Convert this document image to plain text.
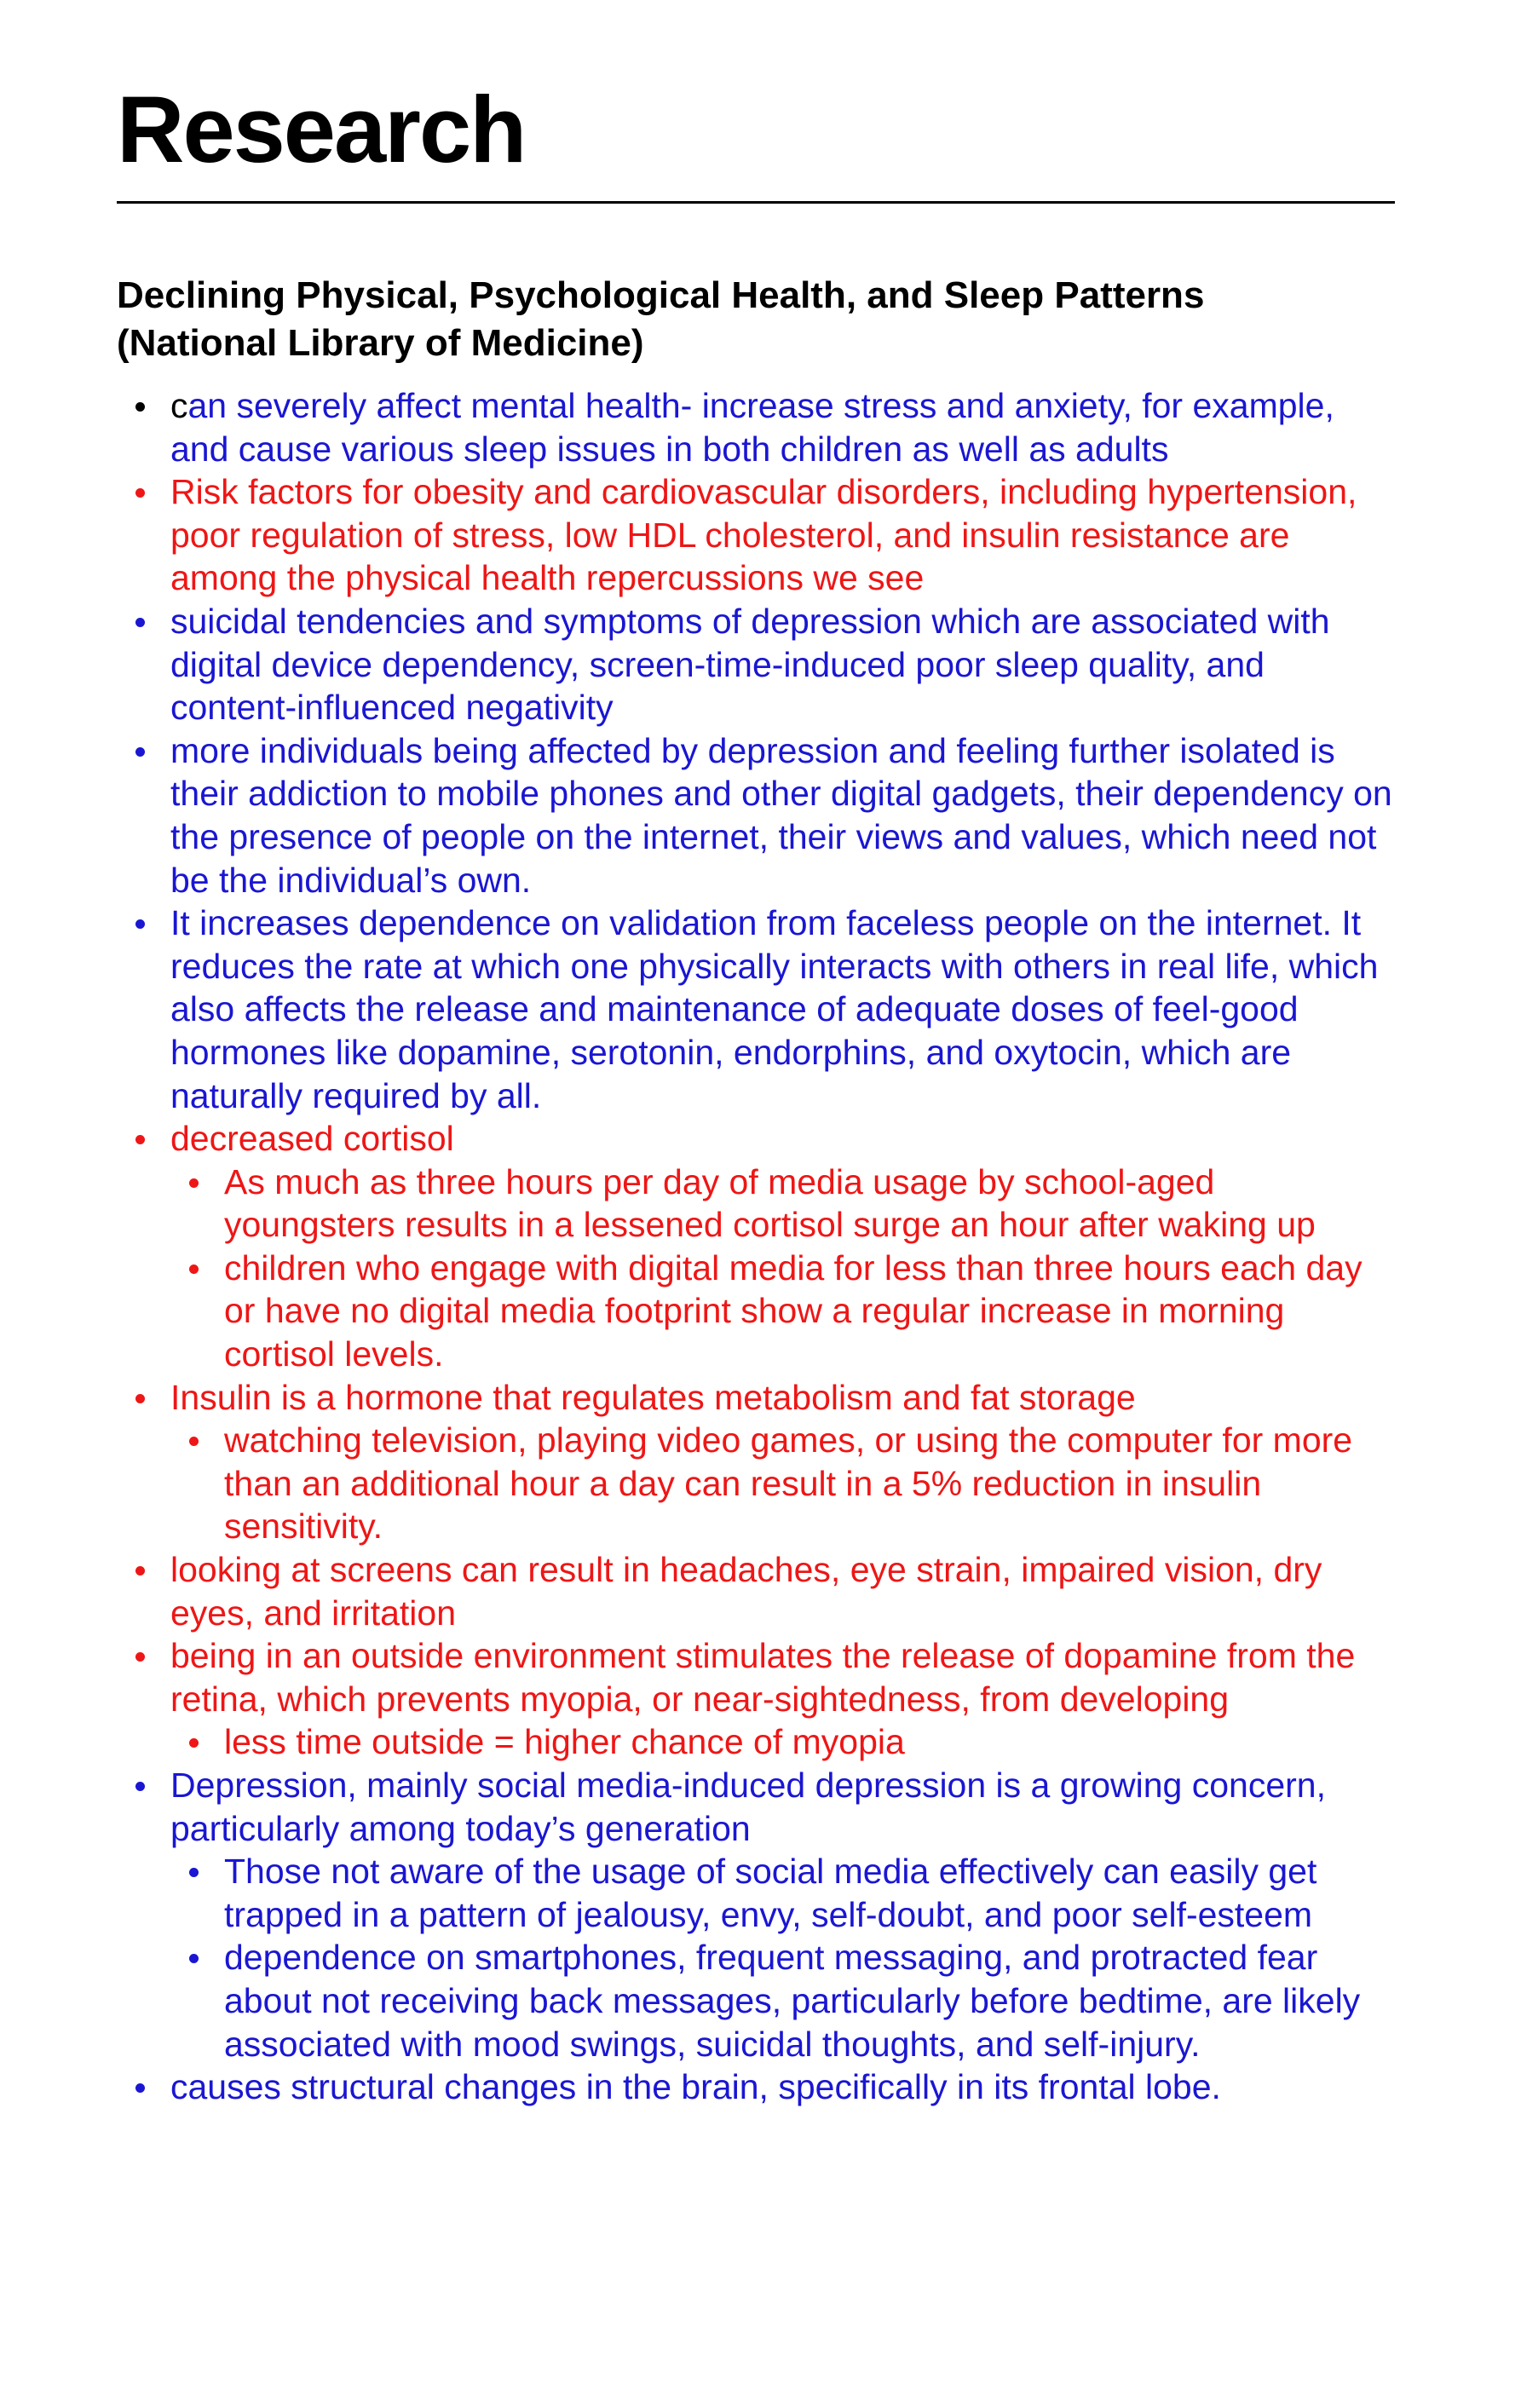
Research
Declining Physical, Psychological Health, and Sleep Patterns (National Library of Medicine)
can severely affect mental health- increase stress and anxiety, for example, and cause various sleep issues in both children as well as adults
Risk factors for obesity and cardiovascular disorders, including hypertension, poor regulation of stress, low HDL cholesterol, and insulin resistance are among the physical health repercussions we see
suicidal tendencies and symptoms of depression which are associated with digital device dependency, screen-time-induced poor sleep quality, and content-influenced negativity
more individuals being affected by depression and feeling further isolated is their addiction to mobile phones and other digital gadgets, their dependency on the presence of people on the internet, their views and values, which need not be the individual’s own.
It increases dependence on validation from faceless people on the internet. It reduces the rate at which one physically interacts with others in real life, which also affects the release and maintenance of adequate doses of feel-good hormones like dopamine, serotonin, endorphins, and oxytocin, which are naturally required by all.
decreased cortisol
As much as three hours per day of media usage by school-aged youngsters results in a lessened cortisol surge an hour after waking up
children who engage with digital media for less than three hours each day or have no digital media footprint show a regular increase in morning cortisol levels.
Insulin is a hormone that regulates metabolism and fat storage
watching television, playing video games, or using the computer for more than an additional hour a day can result in a 5% reduction in insulin sensitivity.
looking at screens can result in headaches, eye strain, impaired vision, dry eyes, and irritation
being in an outside environment stimulates the release of dopamine from the retina, which prevents myopia, or near-sightedness, from developing
less time outside = higher chance of myopia
Depression, mainly social media-induced depression is a growing concern, particularly among today’s generation
Those not aware of the usage of social media effectively can easily get trapped in a pattern of jealousy, envy, self-doubt, and poor self-esteem
dependence on smartphones, frequent messaging, and protracted fear about not receiving back messages, particularly before bedtime, are likely associated with mood swings, suicidal thoughts, and self-injury.
causes structural changes in the brain, specifically in its frontal lobe.
